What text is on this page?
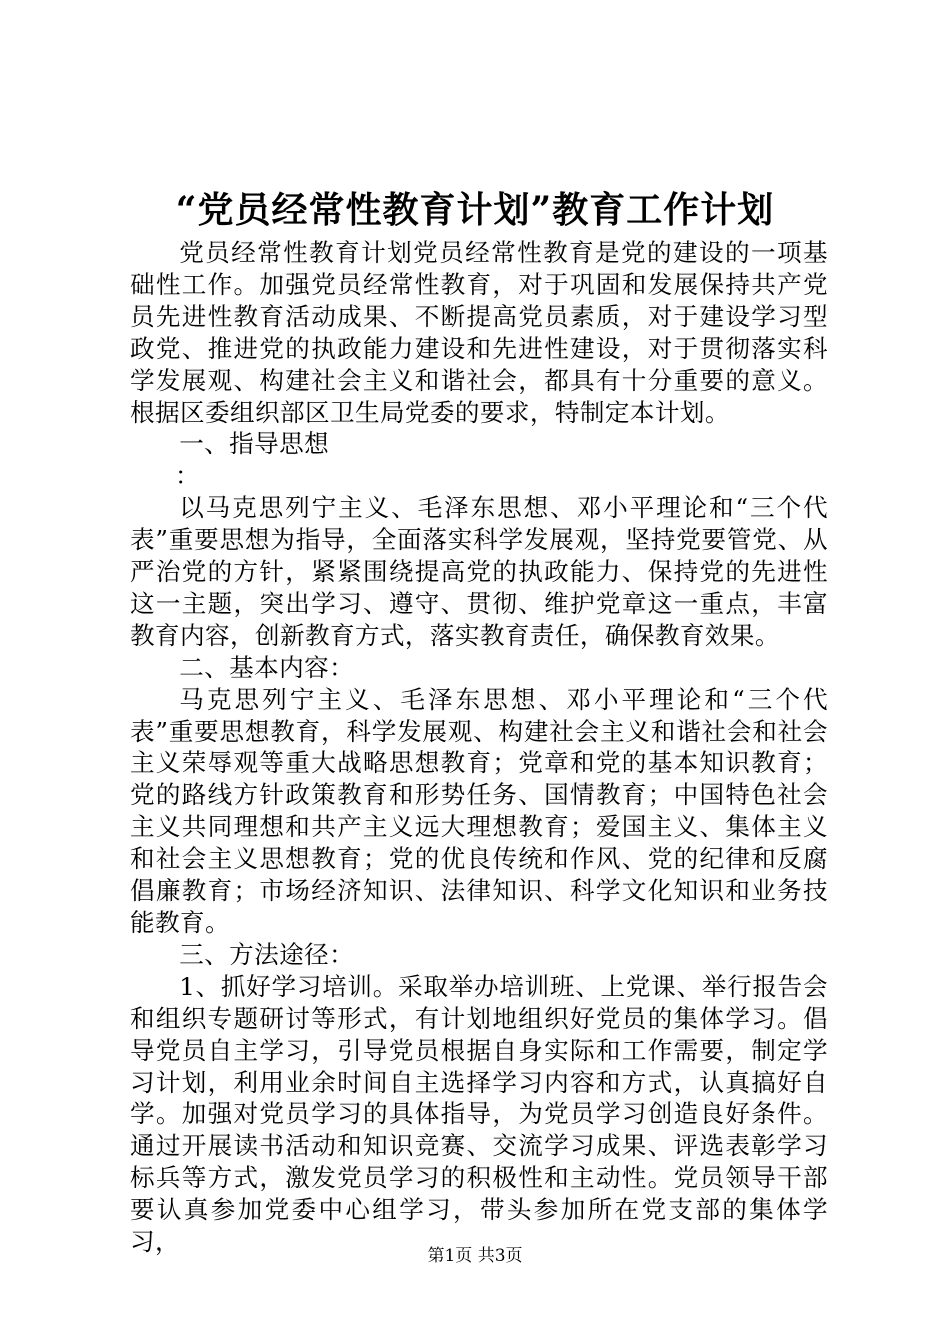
“党员经常性教育计划”教育工作计划

党员经常性教育计划党员经常性教育是党的建设的一项基础性工作。加强党员经常性教育，对于巩固和发展保持共产党员先进性教育活动成果、不断提高党员素质，对于建设学习型政党、推进党的执政能力建设和先进性建设，对于贯彻落实科学发展观、构建社会主义和谐社会，都具有十分重要的意义。根据区委组织部区卫生局党委的要求，特制定本计划。

一、指导思想

：

以马克思列宁主义、毛泽东思想、邓小平理论和“三个代表”重要思想为指导，全面落实科学发展观，坚持党要管党、从严治党的方针，紧紧围绕提高党的执政能力、保持党的先进性这一主题，突出学习、遵守、贯彻、维护党章这一重点，丰富教育内容，创新教育方式，落实教育责任，确保教育效果。

二、基本内容：

马克思列宁主义、毛泽东思想、邓小平理论和“三个代表”重要思想教育，科学发展观、构建社会主义和谐社会和社会主义荣辱观等重大战略思想教育；党章和党的基本知识教育；党的路线方针政策教育和形势任务、国情教育；中国特色社会主义共同理想和共产主义远大理想教育；爱国主义、集体主义和社会主义思想教育；党的优良传统和作风、党的纪律和反腐倡廉教育；市场经济知识、法律知识、科学文化知识和业务技能教育。

三、方法途径：

1、抓好学习培训。采取举办培训班、上党课、举行报告会和组织专题研讨等形式，有计划地组织好党员的集体学习。倡导党员自主学习，引导党员根据自身实际和工作需要，制定学习计划，利用业余时间自主选择学习内容和方式，认真搞好自学。加强对党员学习的具体指导，为党员学习创造良好条件。通过开展读书活动和知识竞赛、交流学习成果、评选表彰学习标兵等方式，激发党员学习的积极性和主动性。党员领导干部要认真参加党委中心组学习，带头参加所在党支部的集体学习，	第1页 共3页
